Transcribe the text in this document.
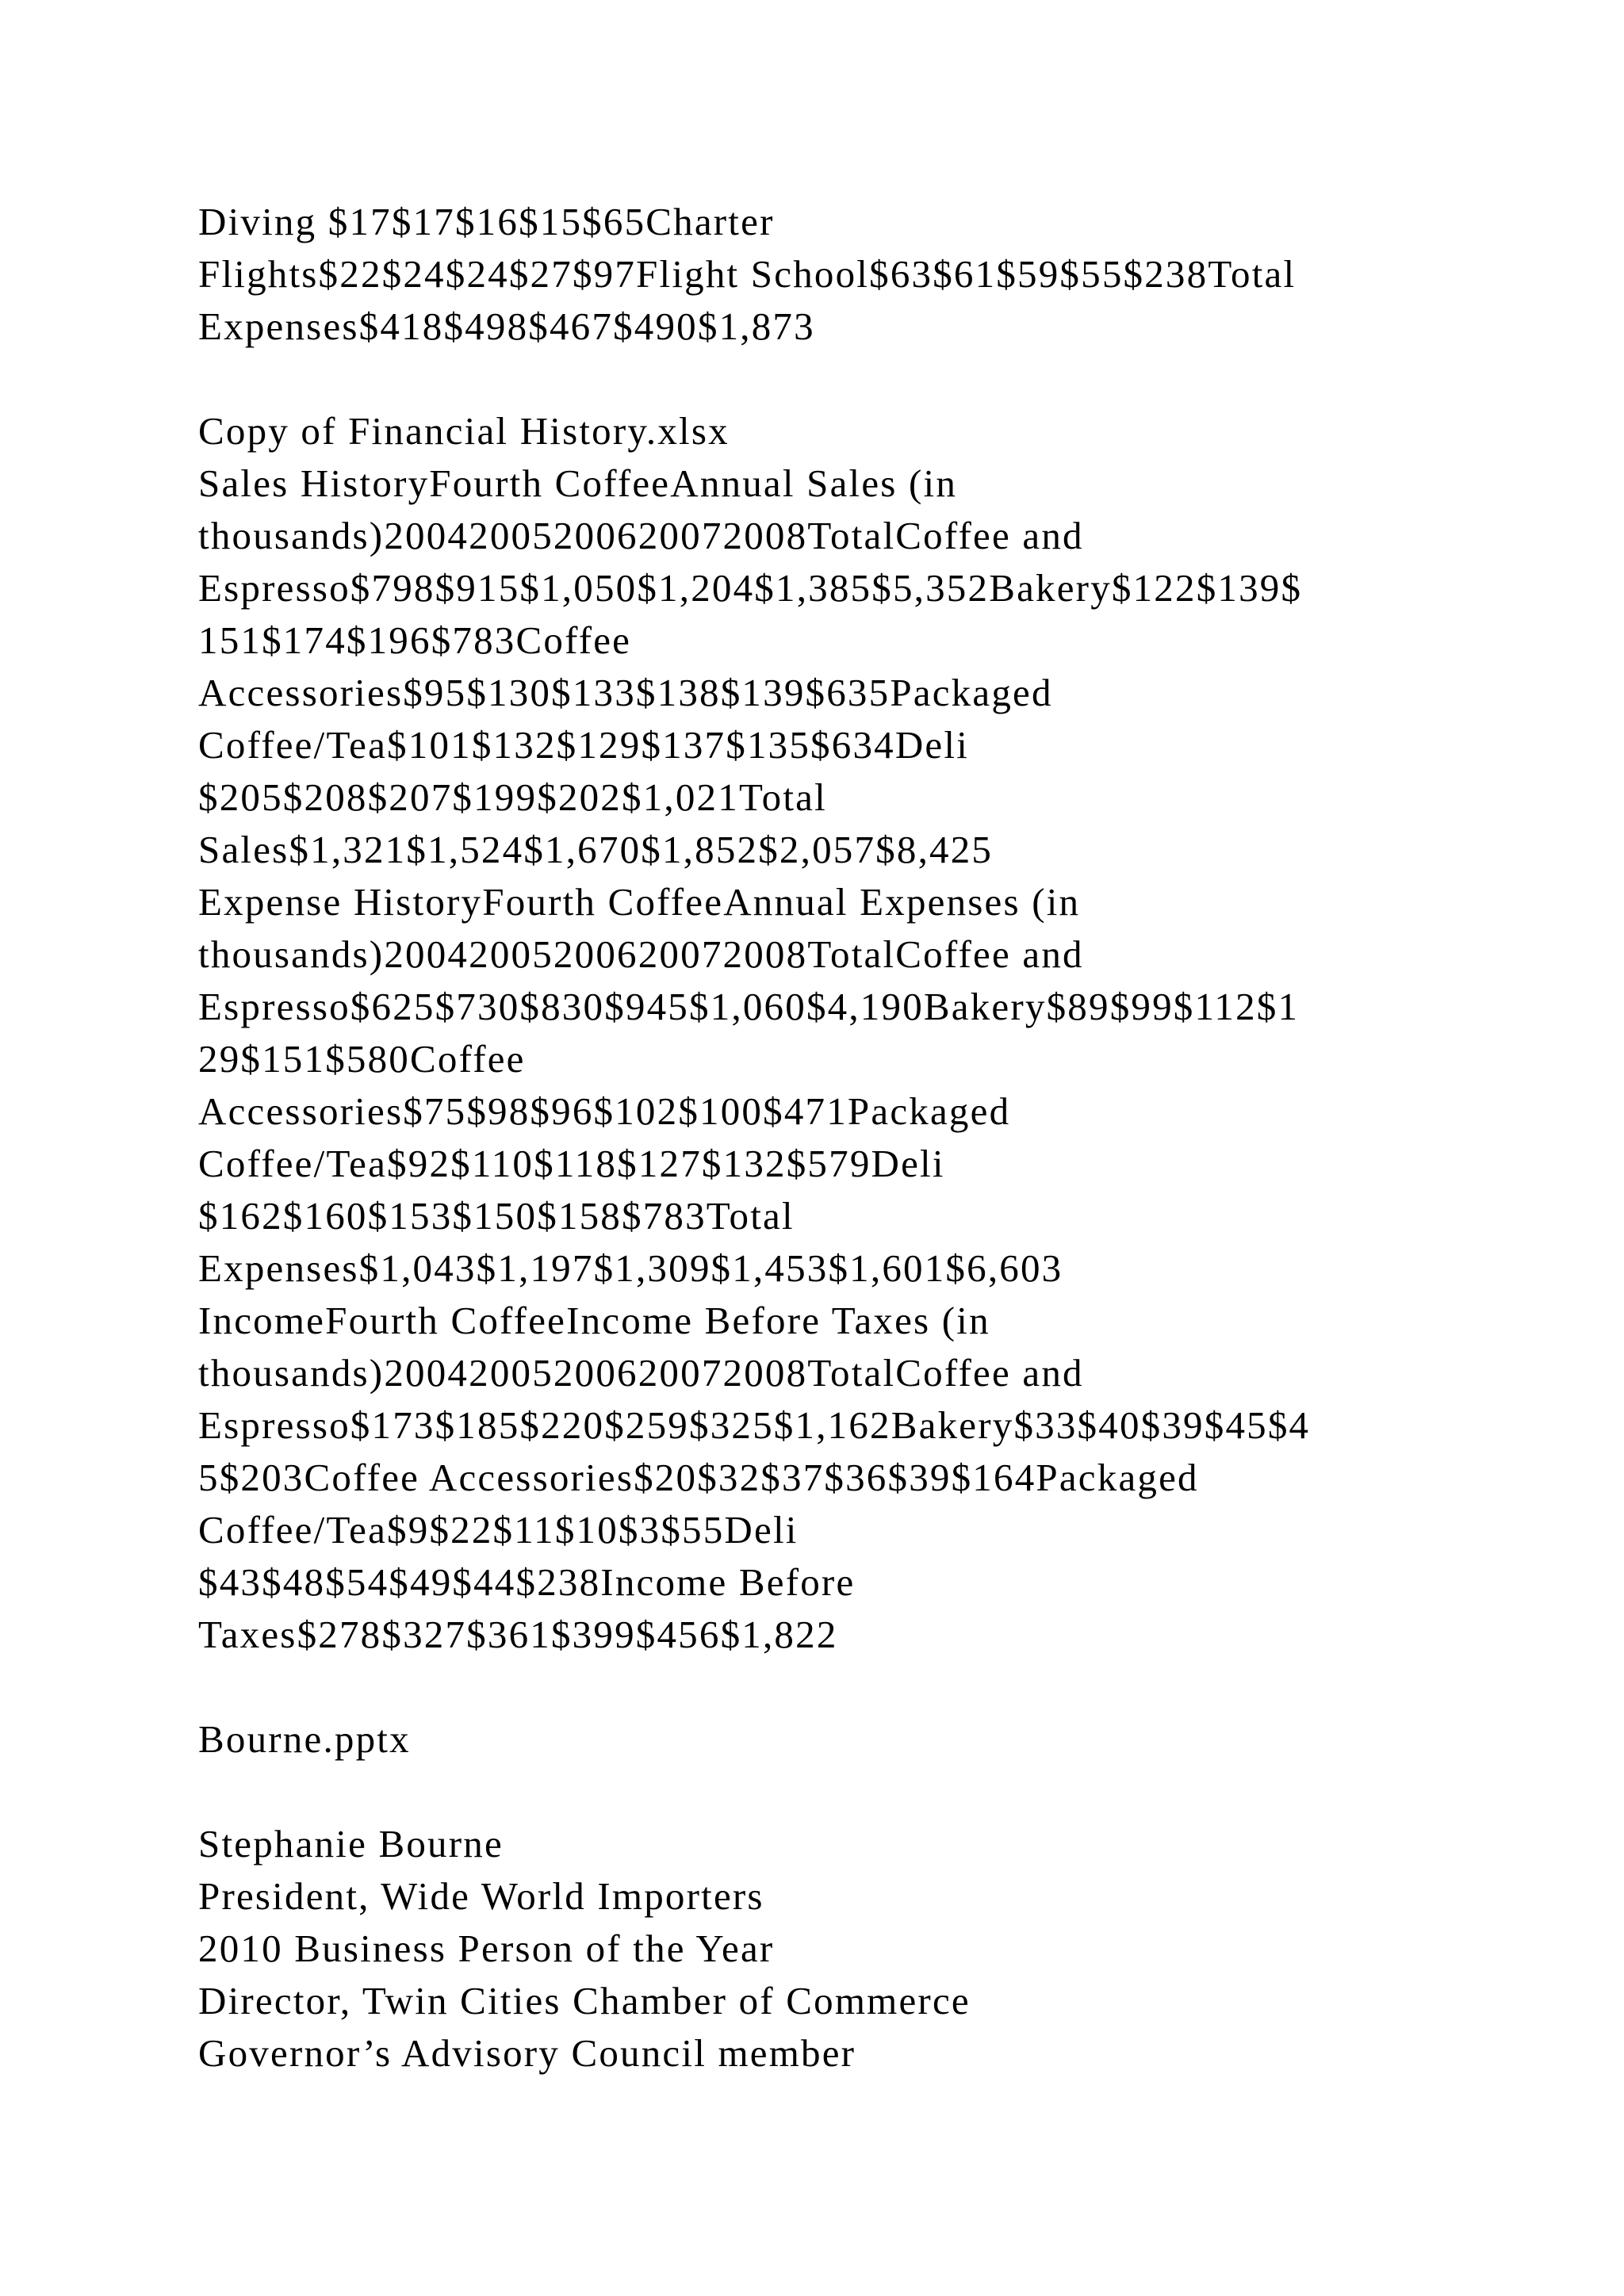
Diving $17$17$16$15$65Charter
Flights$22$24$24$27$97Flight School$63$61$59$55$238Total
Expenses$418$498$467$490$1,873
Copy of Financial History.xlsx
Sales HistoryFourth CoffeeAnnual Sales (in
thousands)20042005200620072008TotalCoffee and
Espresso$798$915$1,050$1,204$1,385$5,352Bakery$122$139$
151$174$196$783Coffee
Accessories$95$130$133$138$139$635Packaged
Coffee/Tea$101$132$129$137$135$634Deli
$205$208$207$199$202$1,021Total
Sales$1,321$1,524$1,670$1,852$2,057$8,425
Expense HistoryFourth CoffeeAnnual Expenses (in
thousands)20042005200620072008TotalCoffee and
Espresso$625$730$830$945$1,060$4,190Bakery$89$99$112$1
29$151$580Coffee
Accessories$75$98$96$102$100$471Packaged
Coffee/Tea$92$110$118$127$132$579Deli
$162$160$153$150$158$783Total
Expenses$1,043$1,197$1,309$1,453$1,601$6,603
IncomeFourth CoffeeIncome Before Taxes (in
thousands)20042005200620072008TotalCoffee and
Espresso$173$185$220$259$325$1,162Bakery$33$40$39$45$4
5$203Coffee Accessories$20$32$37$36$39$164Packaged
Coffee/Tea$9$22$11$10$3$55Deli
$43$48$54$49$44$238Income Before
Taxes$278$327$361$399$456$1,822
Bourne.pptx
Stephanie Bourne
President, Wide World Importers
2010 Business Person of the Year
Director, Twin Cities Chamber of Commerce
Governor’s Advisory Council member
